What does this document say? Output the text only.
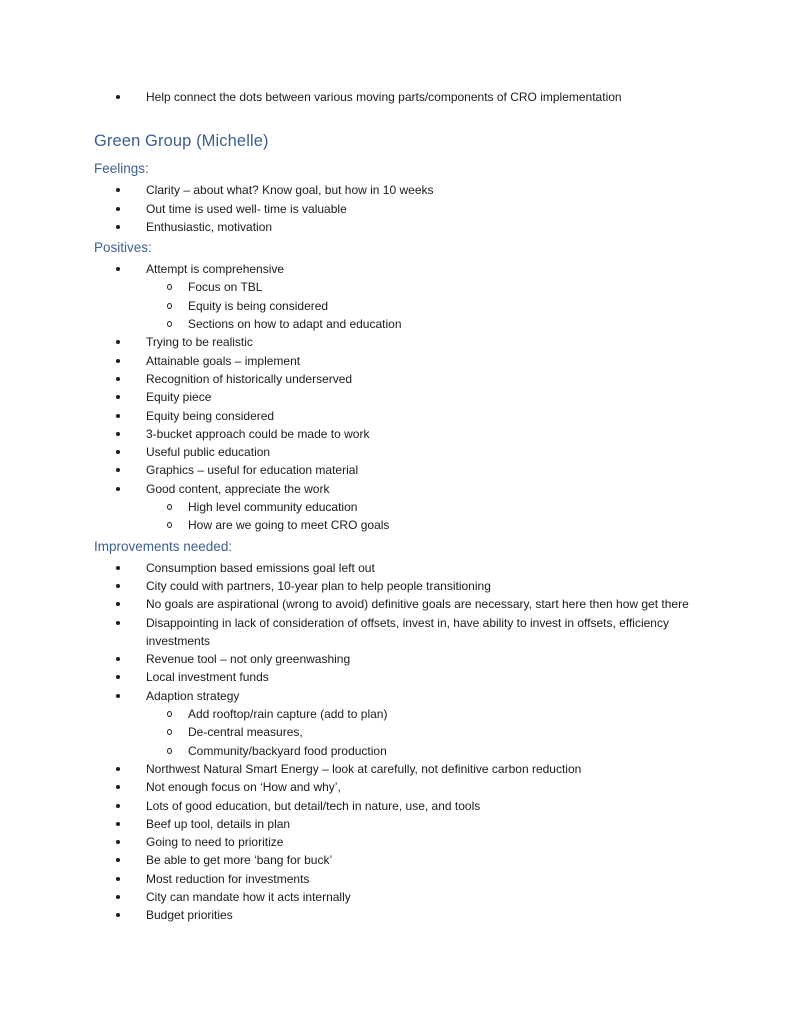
Help connect the dots between various moving parts/components of CRO implementation
Green Group (Michelle)
Feelings:
Clarity – about what? Know goal, but how in 10 weeks
Out time is used well- time is valuable
Enthusiastic, motivation
Positives:
Attempt is comprehensive
Focus on TBL
Equity is being considered
Sections on how to adapt and education
Trying to be realistic
Attainable goals – implement
Recognition of historically underserved
Equity piece
Equity being considered
3-bucket approach could be made to work
Useful public education
Graphics – useful for education material
Good content, appreciate the work
High level community education
How are we going to meet CRO goals
Improvements needed:
Consumption based emissions goal left out
City could with partners, 10-year plan to help people transitioning
No goals are aspirational (wrong to avoid) definitive goals are necessary, start here then how get there
Disappointing in lack of consideration of offsets, invest in, have ability to invest in offsets, efficiency investments
Revenue tool – not only greenwashing
Local investment funds
Adaption strategy
Add rooftop/rain capture (add to plan)
De-central measures,
Community/backyard food production
Northwest Natural Smart Energy – look at carefully, not definitive carbon reduction
Not enough focus on ‘How and why’,
Lots of good education, but detail/tech in nature, use, and tools
Beef up tool, details in plan
Going to need to prioritize
Be able to get more ‘bang for buck’
Most reduction for investments
City can mandate how it acts internally
Budget priorities
